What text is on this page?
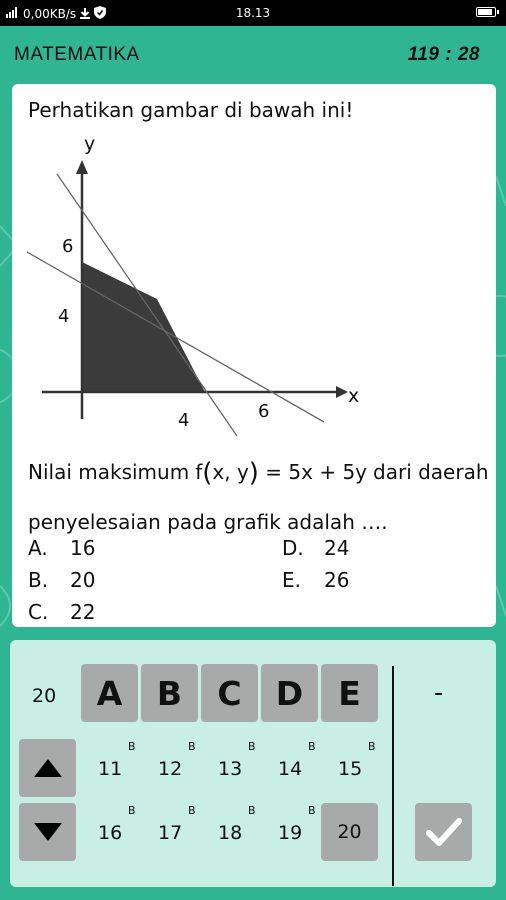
0,00KB/s	18.13
MATEMATIKA	119 : 28
Perhatikan gambar di bawah ini!
y
x
6
4
4	6
Nilai maksimum f(x, y) = 5x + 5y dari daerah
penyelesaian pada grafik adalah ….
A. 16
B. 20
C. 22
D. 24
E. 26
20	A	B	C	D	E	-
B
11
B
12
B
13
B
14
B
15
B
16
B
17
B
18
B
19	20
